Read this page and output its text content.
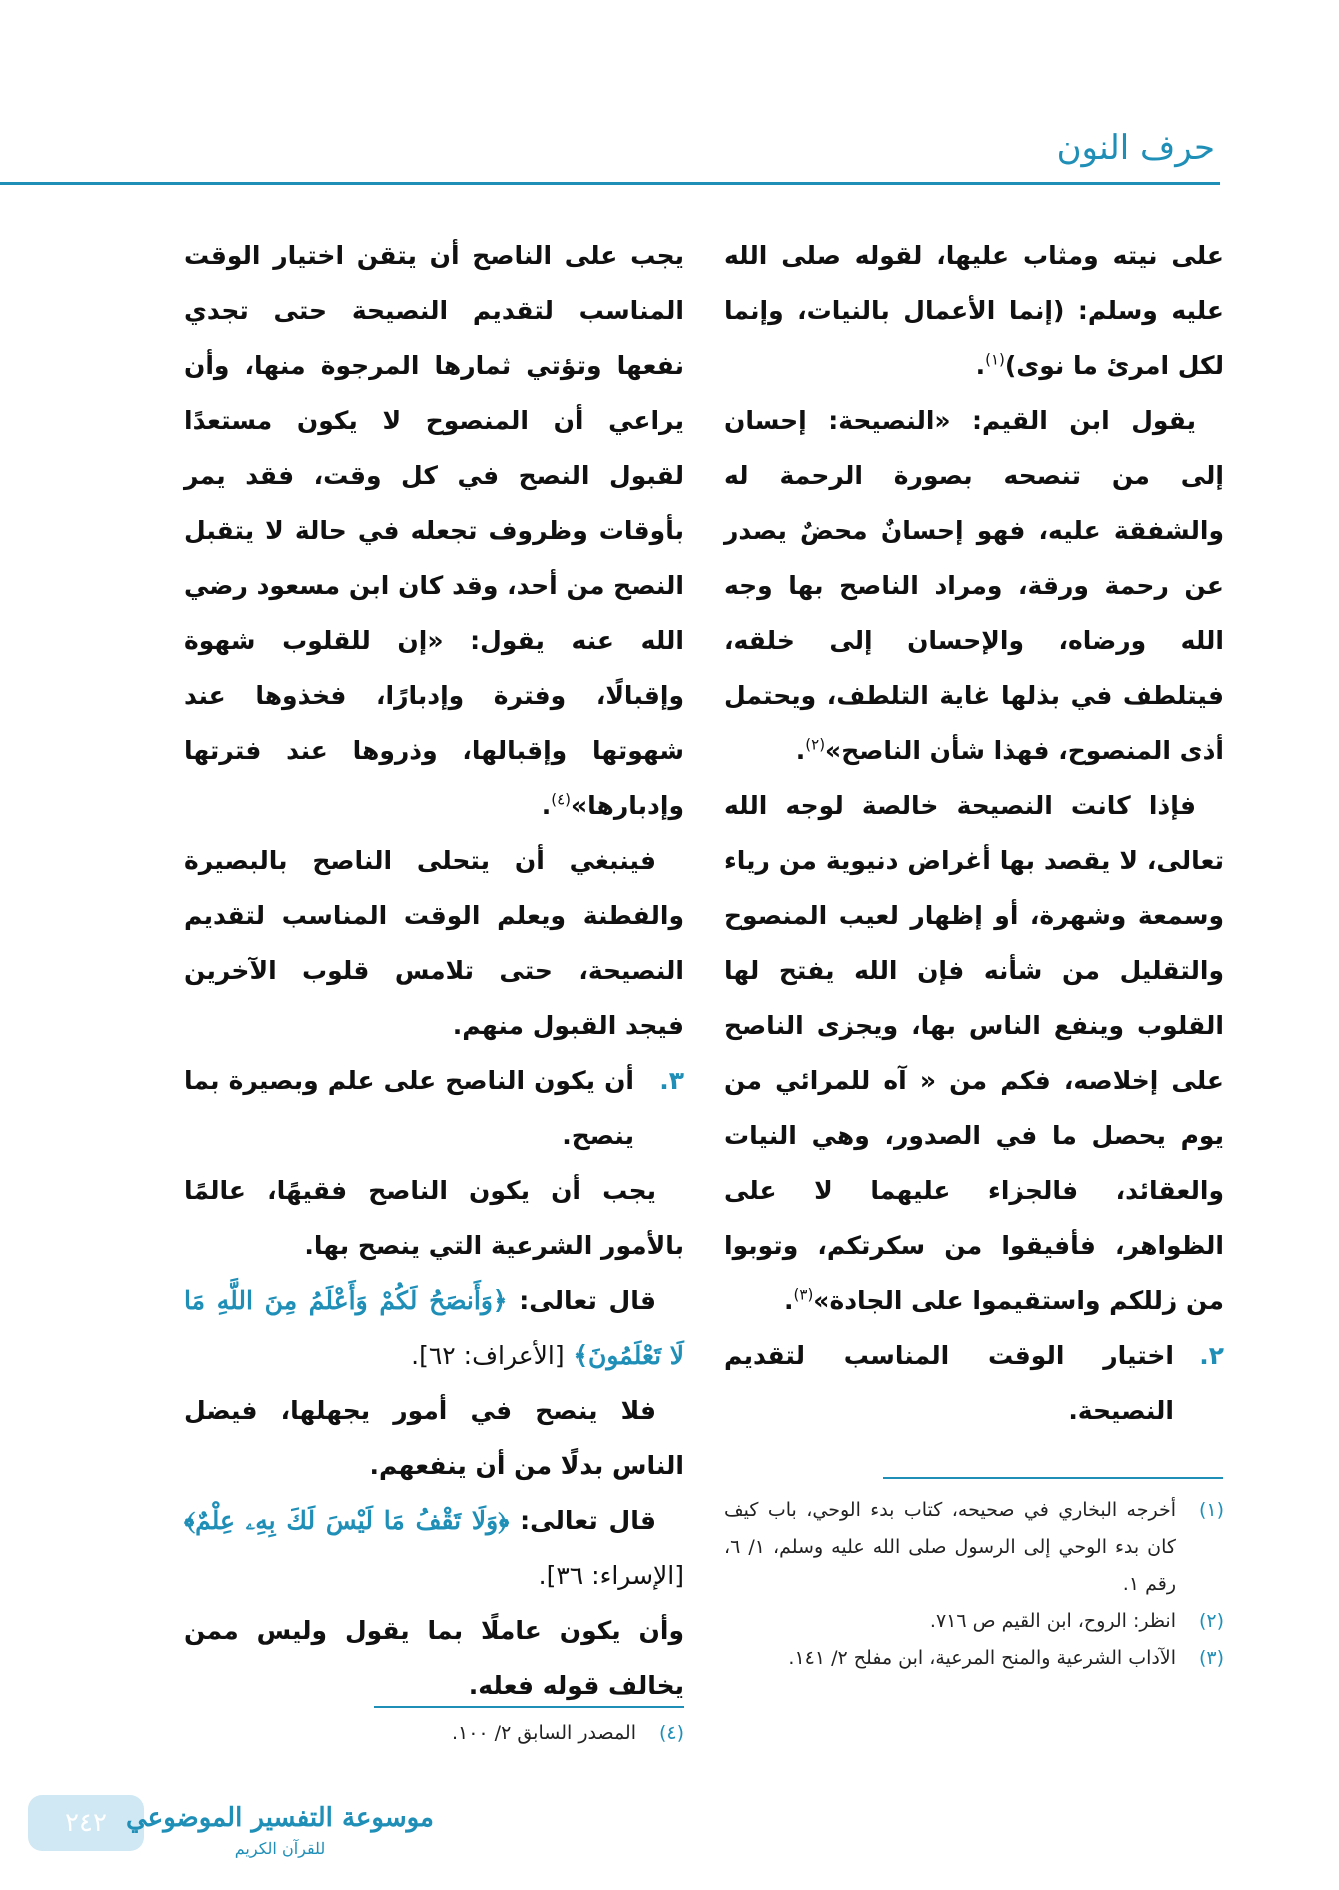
حرف النون

على نيته ومثاب عليها، لقوله صلى الله عليه وسلم: (إنما الأعمال بالنيات، وإنما لكل امرئ ما نوى)$^{(١)}$.

يقول ابن القيم: «النصيحة: إحسان إلى من تنصحه بصورة الرحمة له والشفقة عليه، فهو إحسانٌ محضٌ يصدر عن رحمة ورقة، ومراد الناصح بها وجه الله ورضاه، والإحسان إلى خلقه، فيتلطف في بذلها غاية التلطف، ويحتمل أذى المنصوح، فهذا شأن الناصح»$^{(٢)}$.

فإذا كانت النصيحة خالصة لوجه الله تعالى، لا يقصد بها أغراض دنيوية من رياء وسمعة وشهرة، أو إظهار لعيب المنصوح والتقليل من شأنه فإن الله يفتح لها القلوب وينفع الناس بها، ويجزى الناصح على إخلاصه، فكم من « آه للمرائي من يوم يحصل ما في الصدور، وهي النيات والعقائد، فالجزاء عليهما لا على الظواهر، فأفيقوا من سكرتكم، وتوبوا من زللكم واستقيموا على الجادة»$^{(٣)}$.

٢.
اختيار الوقت المناسب لتقديم النصيحة.

يجب على الناصح أن يتقن اختيار الوقت المناسب لتقديم النصيحة حتى تجدي نفعها وتؤتي ثمارها المرجوة منها، وأن يراعي أن المنصوح لا يكون مستعدًا لقبول النصح في كل وقت، فقد يمر بأوقات وظروف تجعله في حالة لا يتقبل النصح من أحد، وقد كان ابن مسعود رضي الله عنه يقول: «إن للقلوب شهوة وإقبالًا، وفترة وإدبارًا، فخذوها عند شهوتها وإقبالها، وذروها عند فترتها وإدبارها»$^{(٤)}$.

فينبغي أن يتحلى الناصح بالبصيرة والفطنة ويعلم الوقت المناسب لتقديم النصيحة، حتى تلامس قلوب الآخرين فيجد القبول منهم.

٣.
أن يكون الناصح على علم وبصيرة بما ينصح.

يجب أن يكون الناصح فقيهًا، عالمًا بالأمور الشرعية التي ينصح بها.

قال تعالى: ﴿وَأَنصَحُ لَكُمْ وَأَعْلَمُ مِنَ اللَّهِ مَا لَا تَعْلَمُونَ﴾ [الأعراف: ٦٢].

فلا ينصح في أمور يجهلها، فيضل الناس بدلًا من أن ينفعهم.

قال تعالى: ﴿وَلَا تَقْفُ مَا لَيْسَ لَكَ بِهِۦ عِلْمٌ﴾ [الإسراء: ٣٦].

وأن يكون عاملًا بما يقول وليس ممن يخالف قوله فعله.

(١)
أخرجه البخاري في صحيحه، كتاب بدء الوحي، باب كيف كان بدء الوحي إلى الرسول صلى الله عليه وسلم، ١/ ٦، رقم ١.

(٢)
انظر: الروح، ابن القيم ص ٧١٦.

(٣)
الآداب الشرعية والمنح المرعية، ابن مفلح ٢/ ١٤١.

(٤)
المصدر السابق ٢/ ١٠٠.

٢٤٢ موسوعة التفسير الموضوعي
للقرآن الكريم
